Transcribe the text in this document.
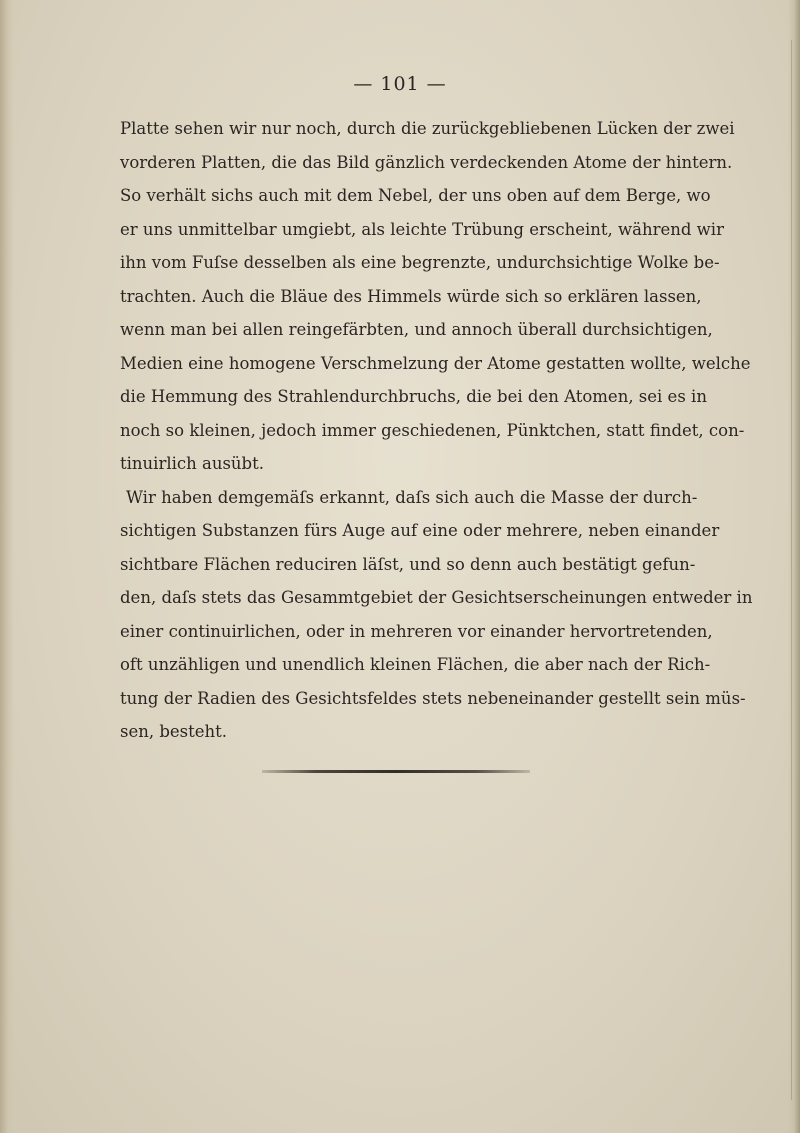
— 101 —
Platte sehen wir nur noch, durch die zurückgebliebenen Lücken der zwei
vorderen Platten, die das Bild gänzlich verdeckenden Atome der hintern.
So verhält sichs auch mit dem Nebel, der uns oben auf dem Berge, wo
er uns unmittelbar umgiebt, als leichte Trübung erscheint, während wir
ihn vom Fuſse desselben als eine begrenzte, undurchsichtige Wolke be-
trachten. Auch die Bläue des Himmels würde sich so erklären lassen,
wenn man bei allen reingefärbten, und annoch überall durchsichtigen,
Medien eine homogene Verschmelzung der Atome gestatten wollte, welche
die Hemmung des Strahlendurchbruchs, die bei den Atomen, sei es in
noch so kleinen, jedoch immer geschiedenen, Pünktchen, statt findet, con-
tinuirlich ausübt.
Wir haben demgemäſs erkannt, daſs sich auch die Masse der durch-
sichtigen Substanzen fürs Auge auf eine oder mehrere, neben einander
sichtbare Flächen reduciren läſst, und so denn auch bestätigt gefun-
den, daſs stets das Gesammtgebiet der Gesichtserscheinungen entweder in
einer continuirlichen, oder in mehreren vor einander hervortretenden,
oft unzähligen und unendlich kleinen Flächen, die aber nach der Rich-
tung der Radien des Gesichtsfeldes stets nebeneinander gestellt sein müs-
sen, besteht.
